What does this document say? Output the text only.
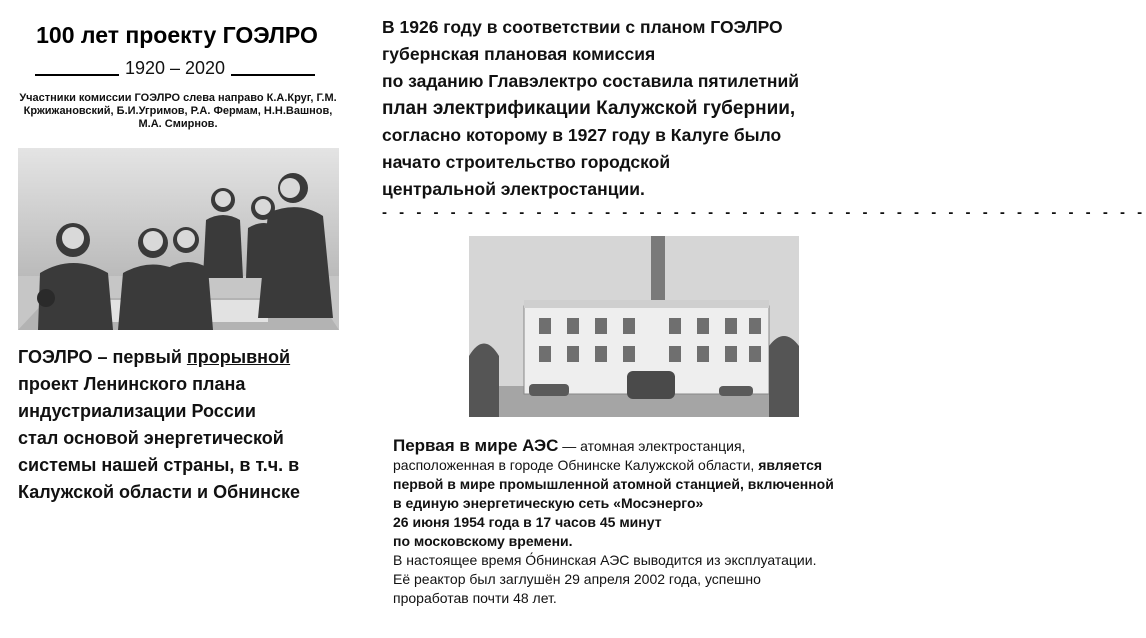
100 лет проекту ГОЭЛРО
1920 – 2020
Участники комиссии ГОЭЛРО слева направо К.А.Круг, Г.М. Кржижановский, Б.И.Угримов, Р.А. Фермам, Н.Н.Вашнов, М.А. Смирнов.
ГОЭЛРО – первый прорывной
проект Ленинского плана
индустриализации России
стал основой энергетической
системы нашей страны, в т.ч. в
Калужской области и Обнинске
В 1926 году в соответствии с планом ГОЭЛРО
губернская плановая комиссия
по заданию Главэлектро составила пятилетний
план электрификации Калужской губернии,
согласно которому в 1927 году в Калуге было
начато строительство городской
центральной электростанции.
- - - - - - - - - - - - - - - - - - - - - - - - - - - - - - - - - - - - - - - - - - - - -
Первая в мире АЭС — атомная электростанция,
расположенная в городе Обнинске Калужской области, является
первой в мире промышленной атомной станцией, включенной
в единую энергетическую сеть «Мосэнерго»
26 июня 1954 года в 17 часов 45 минут
по московскому времени.
В настоящее время О́бнинская АЭС выводится из эксплуатации.
Её реактор был заглушён 29 апреля 2002 года, успешно
проработав почти 48 лет.
